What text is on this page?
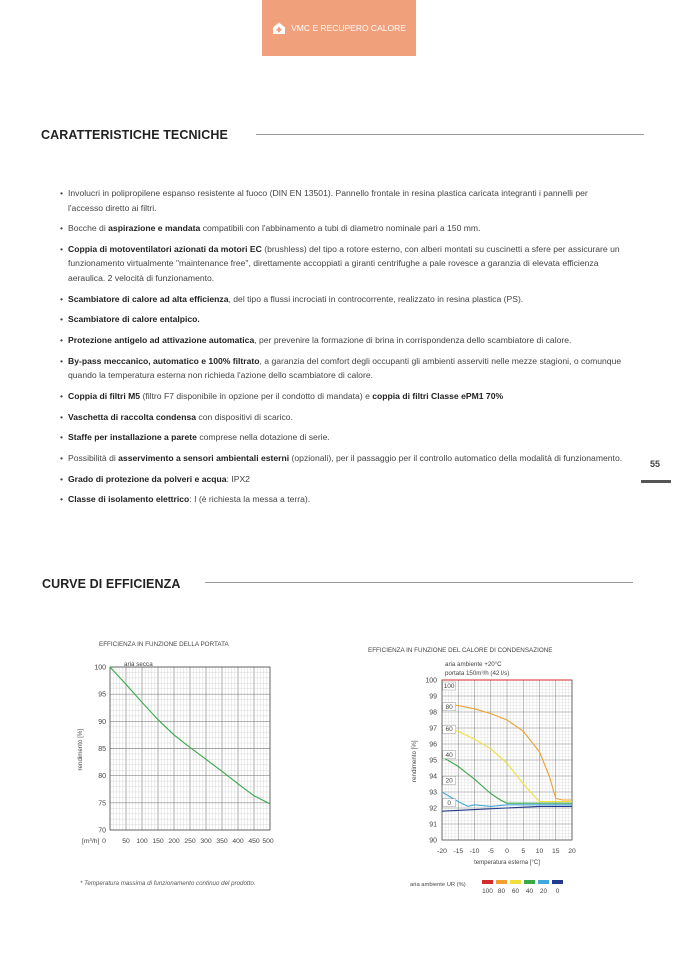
VMC E RECUPERO CALORE
CARATTERISTICHE TECNICHE
• Involucri in polipropilene espanso resistente al fuoco (DIN EN 13501). Pannello frontale in resina plastica caricata integranti i pannelli per l'accesso diretto ai filtri.
• Bocche di aspirazione e mandata compatibili con l'abbinamento a tubi di diametro nominale pari a 150 mm.
• Coppia di motoventilatori azionati da motori EC (brushless) del tipo a rotore esterno, con alberi montati su cuscinetti a sfere per assicurare un funzionamento virtualmente "maintenance free", direttamente accoppiati a giranti centrifughe a pale rovesce a garanzia di elevata efficienza aeraulica. 2 velocità di funzionamento.
• Scambiatore di calore ad alta efficienza, del tipo a flussi incrociati in controcorrente, realizzato in resina plastica (PS).
• Scambiatore di calore entalpico.
• Protezione antigelo ad attivazione automatica, per prevenire la formazione di brina in corrispondenza dello scambiatore di calore.
• By-pass meccanico, automatico e 100% filtrato, a garanzia del comfort degli occupanti gli ambienti asserviti nelle mezze stagioni, o comunque quando la temperatura esterna non richieda l'azione dello scambiatore di calore.
• Coppia di filtri M5 (filtro F7 disponibile in opzione per il condotto di mandata) e coppia di filtri Classe ePM1 70%
• Vaschetta di raccolta condensa con dispositivi di scarico.
• Staffe per installazione a parete comprese nella dotazione di serie.
• Possibilità di asservimento a sensori ambientali esterni (opzionali), per il passaggio per il controllo automatico della modalità di funzionamento.
• Grado di protezione da polveri e acqua: IPX2
• Classe di isolamento elettrico: I (è richiesta la messa a terra).
55
CURVE DI EFFICIENZA
EFFICIENZA IN FUNZIONE DELLA PORTATA
70
75
80
85
90
95
100
0 50 100 150 200 250 300 350 400 450 500
[m³/h]
rendimento [%]
aria secca
EFFICIENZA IN FUNZIONE DEL CALORE DI CONDENSAZIONE
aria ambiente +20°C
portata 150m³/h (42 l/s)
90
91
92
93
94
95
96
97
98
99
100
-20 -15 -10 -5 0 5 10 15 20
temperatura esterna [°C]
rendimento [%]
100
80
60
40
20
0
aria ambiente UR (%)
100 80 60 40 20 0
* Temperatura massima di funzionamento continuo del prodotto.
